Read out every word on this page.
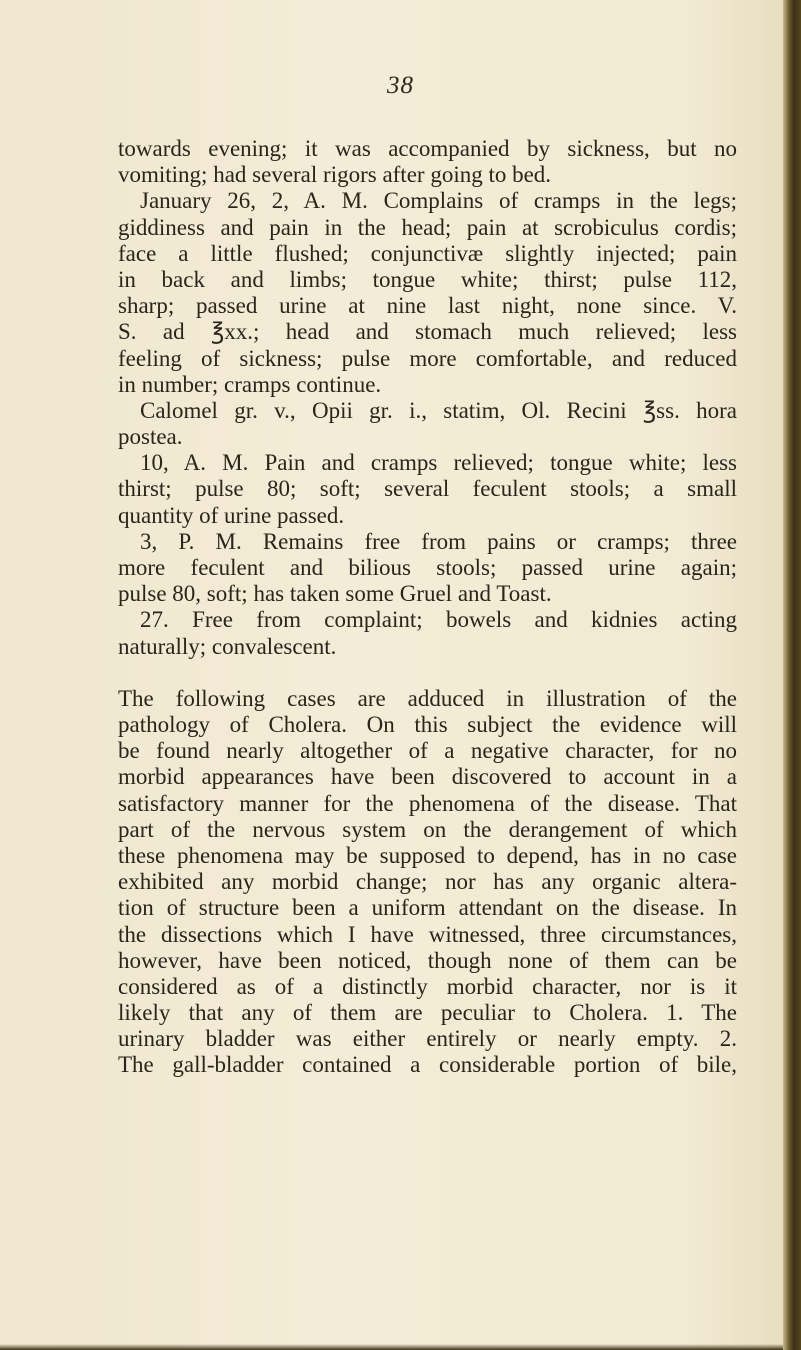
38
towards evening; it was accompanied by sickness, but no
vomiting; had several rigors after going to bed.
January 26, 2, A. M. Complains of cramps in the legs;
giddiness and pain in the head; pain at scrobiculus cordis;
face a little flushed; conjunctivæ slightly injected; pain
in back and limbs; tongue white; thirst; pulse 112,
sharp; passed urine at nine last night, none since. V.
S. ad ℥xx.; head and stomach much relieved; less
feeling of sickness; pulse more comfortable, and reduced
in number; cramps continue.
Calomel gr. v., Opii gr. i., statim, Ol. Recini ℥ss. hora
postea.
10, A. M. Pain and cramps relieved; tongue white; less
thirst; pulse 80; soft; several feculent stools; a small
quantity of urine passed.
3, P. M. Remains free from pains or cramps; three
more feculent and bilious stools; passed urine again;
pulse 80, soft; has taken some Gruel and Toast.
27. Free from complaint; bowels and kidnies acting
naturally; convalescent.
The following cases are adduced in illustration of the
pathology of Cholera. On this subject the evidence will
be found nearly altogether of a negative character, for no
morbid appearances have been discovered to account in a
satisfactory manner for the phenomena of the disease. That
part of the nervous system on the derangement of which
these phenomena may be supposed to depend, has in no case
exhibited any morbid change; nor has any organic altera-
tion of structure been a uniform attendant on the disease. In
the dissections which I have witnessed, three circumstances,
however, have been noticed, though none of them can be
considered as of a distinctly morbid character, nor is it
likely that any of them are peculiar to Cholera. 1. The
urinary bladder was either entirely or nearly empty. 2.
The gall-bladder contained a considerable portion of bile,
